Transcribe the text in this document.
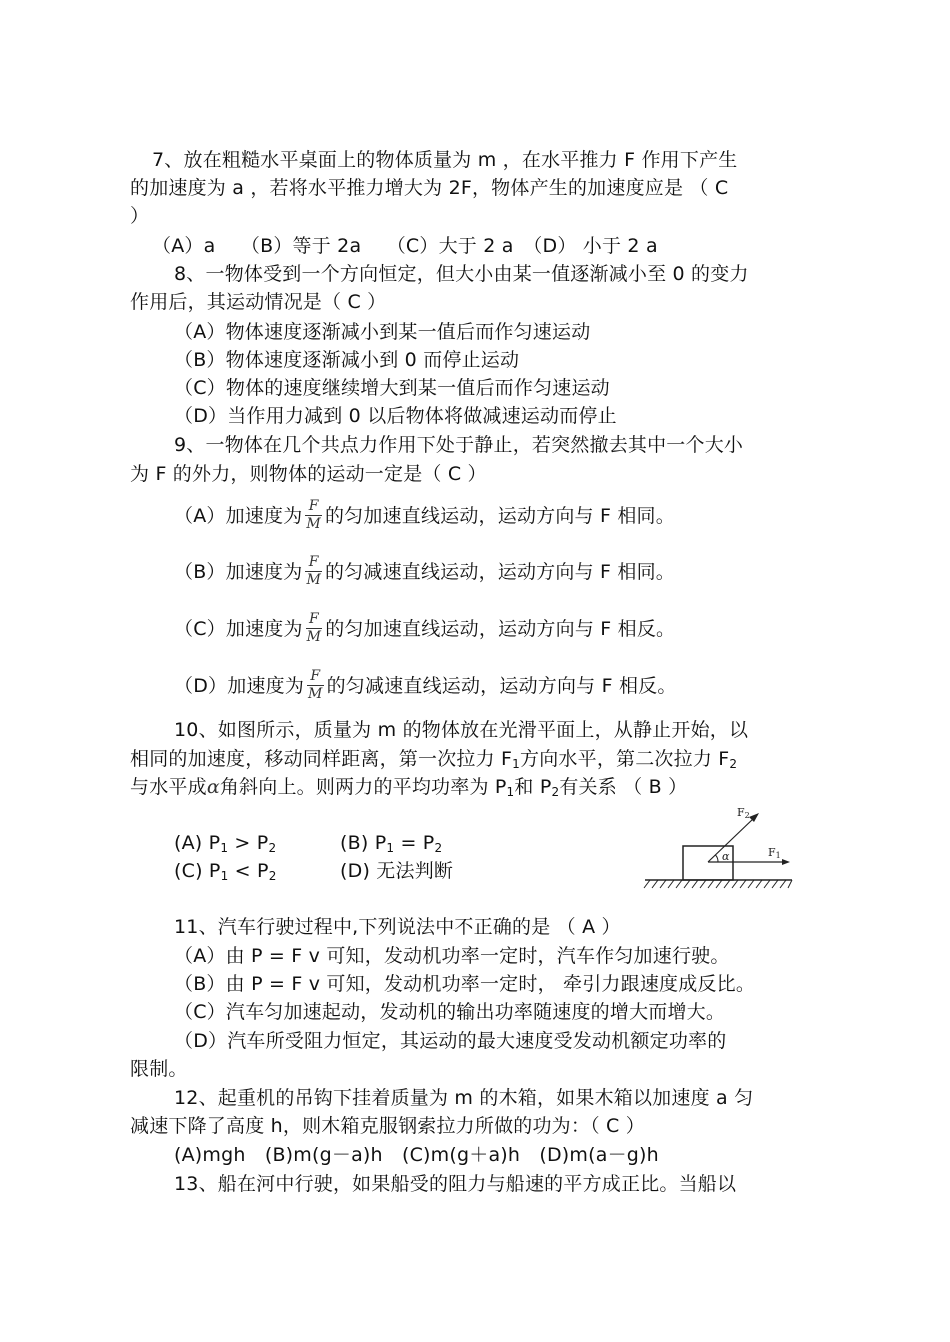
7、放在粗糙水平桌面上的物体质量为 m ，在水平推力 F 作用下产生
的加速度为 a ，若将水平推力增大为 2F，物体产生的加速度应是 （ C
）
（A）a　 （B）等于 2a　 （C）大于 2 a　（D） 小于 2 a
8、一物体受到一个方向恒定，但大小由某一值逐渐减小至 0 的变力
作用后，其运动情况是（ C ）
（A）物体速度逐渐减小到某一值后而作匀速运动
（B）物体速度逐渐减小到 0 而停止运动
（C）物体的速度继续增大到某一值后而作匀速运动
（D）当作用力减到 0 以后物体将做减速运动而停止
9、一物体在几个共点力作用下处于静止，若突然撤去其中一个大小
为 F 的外力，则物体的运动一定是（ C ）
（A）加速度为 $\frac{F}{M}$ 的匀加速直线运动，运动方向与 F 相同。
（B）加速度为 $\frac{F}{M}$ 的匀减速直线运动，运动方向与 F 相同。
（C）加速度为 $\frac{F}{M}$ 的匀加速直线运动，运动方向与 F 相反。
（D）加速度为 $\frac{F}{M}$ 的匀减速直线运动，运动方向与 F 相反。
10、如图所示，质量为 m 的物体放在光滑平面上，从静止开始，以
相同的加速度，移动同样距离，第一次拉力 $F_1$方向水平，第二次拉力 $F_2$
与水平成α角斜向上。则两力的平均功率为 $P_1$和 $P_2$有关系 （ B ）
(A) $P_1 > P_2$	(B) $P_1 = P_2$
(C) $P_1 < P_2$	(D) 无法判断
α	F1
F2
11、汽车行驶过程中,下列说法中不正确的是 （ A ）
（A）由 P = F v 可知，发动机功率一定时，汽车作匀加速行驶。
（B）由 P = F v 可知，发动机功率一定时， 牵引力跟速度成反比。
（C）汽车匀加速起动，发动机的输出功率随速度的增大而增大。
（D）汽车所受阻力恒定，其运动的最大速度受发动机额定功率的
限制。
12、起重机的吊钩下挂着质量为 m 的木箱，如果木箱以加速度 a 匀
减速下降了高度 h，则木箱克服钢索拉力所做的功为：（ C ）
(A)mgh　(B)m(g－a)h　(C)m(g＋a)h　(D)m(a－g)h
13、船在河中行驶，如果船受的阻力与船速的平方成正比。当船以
